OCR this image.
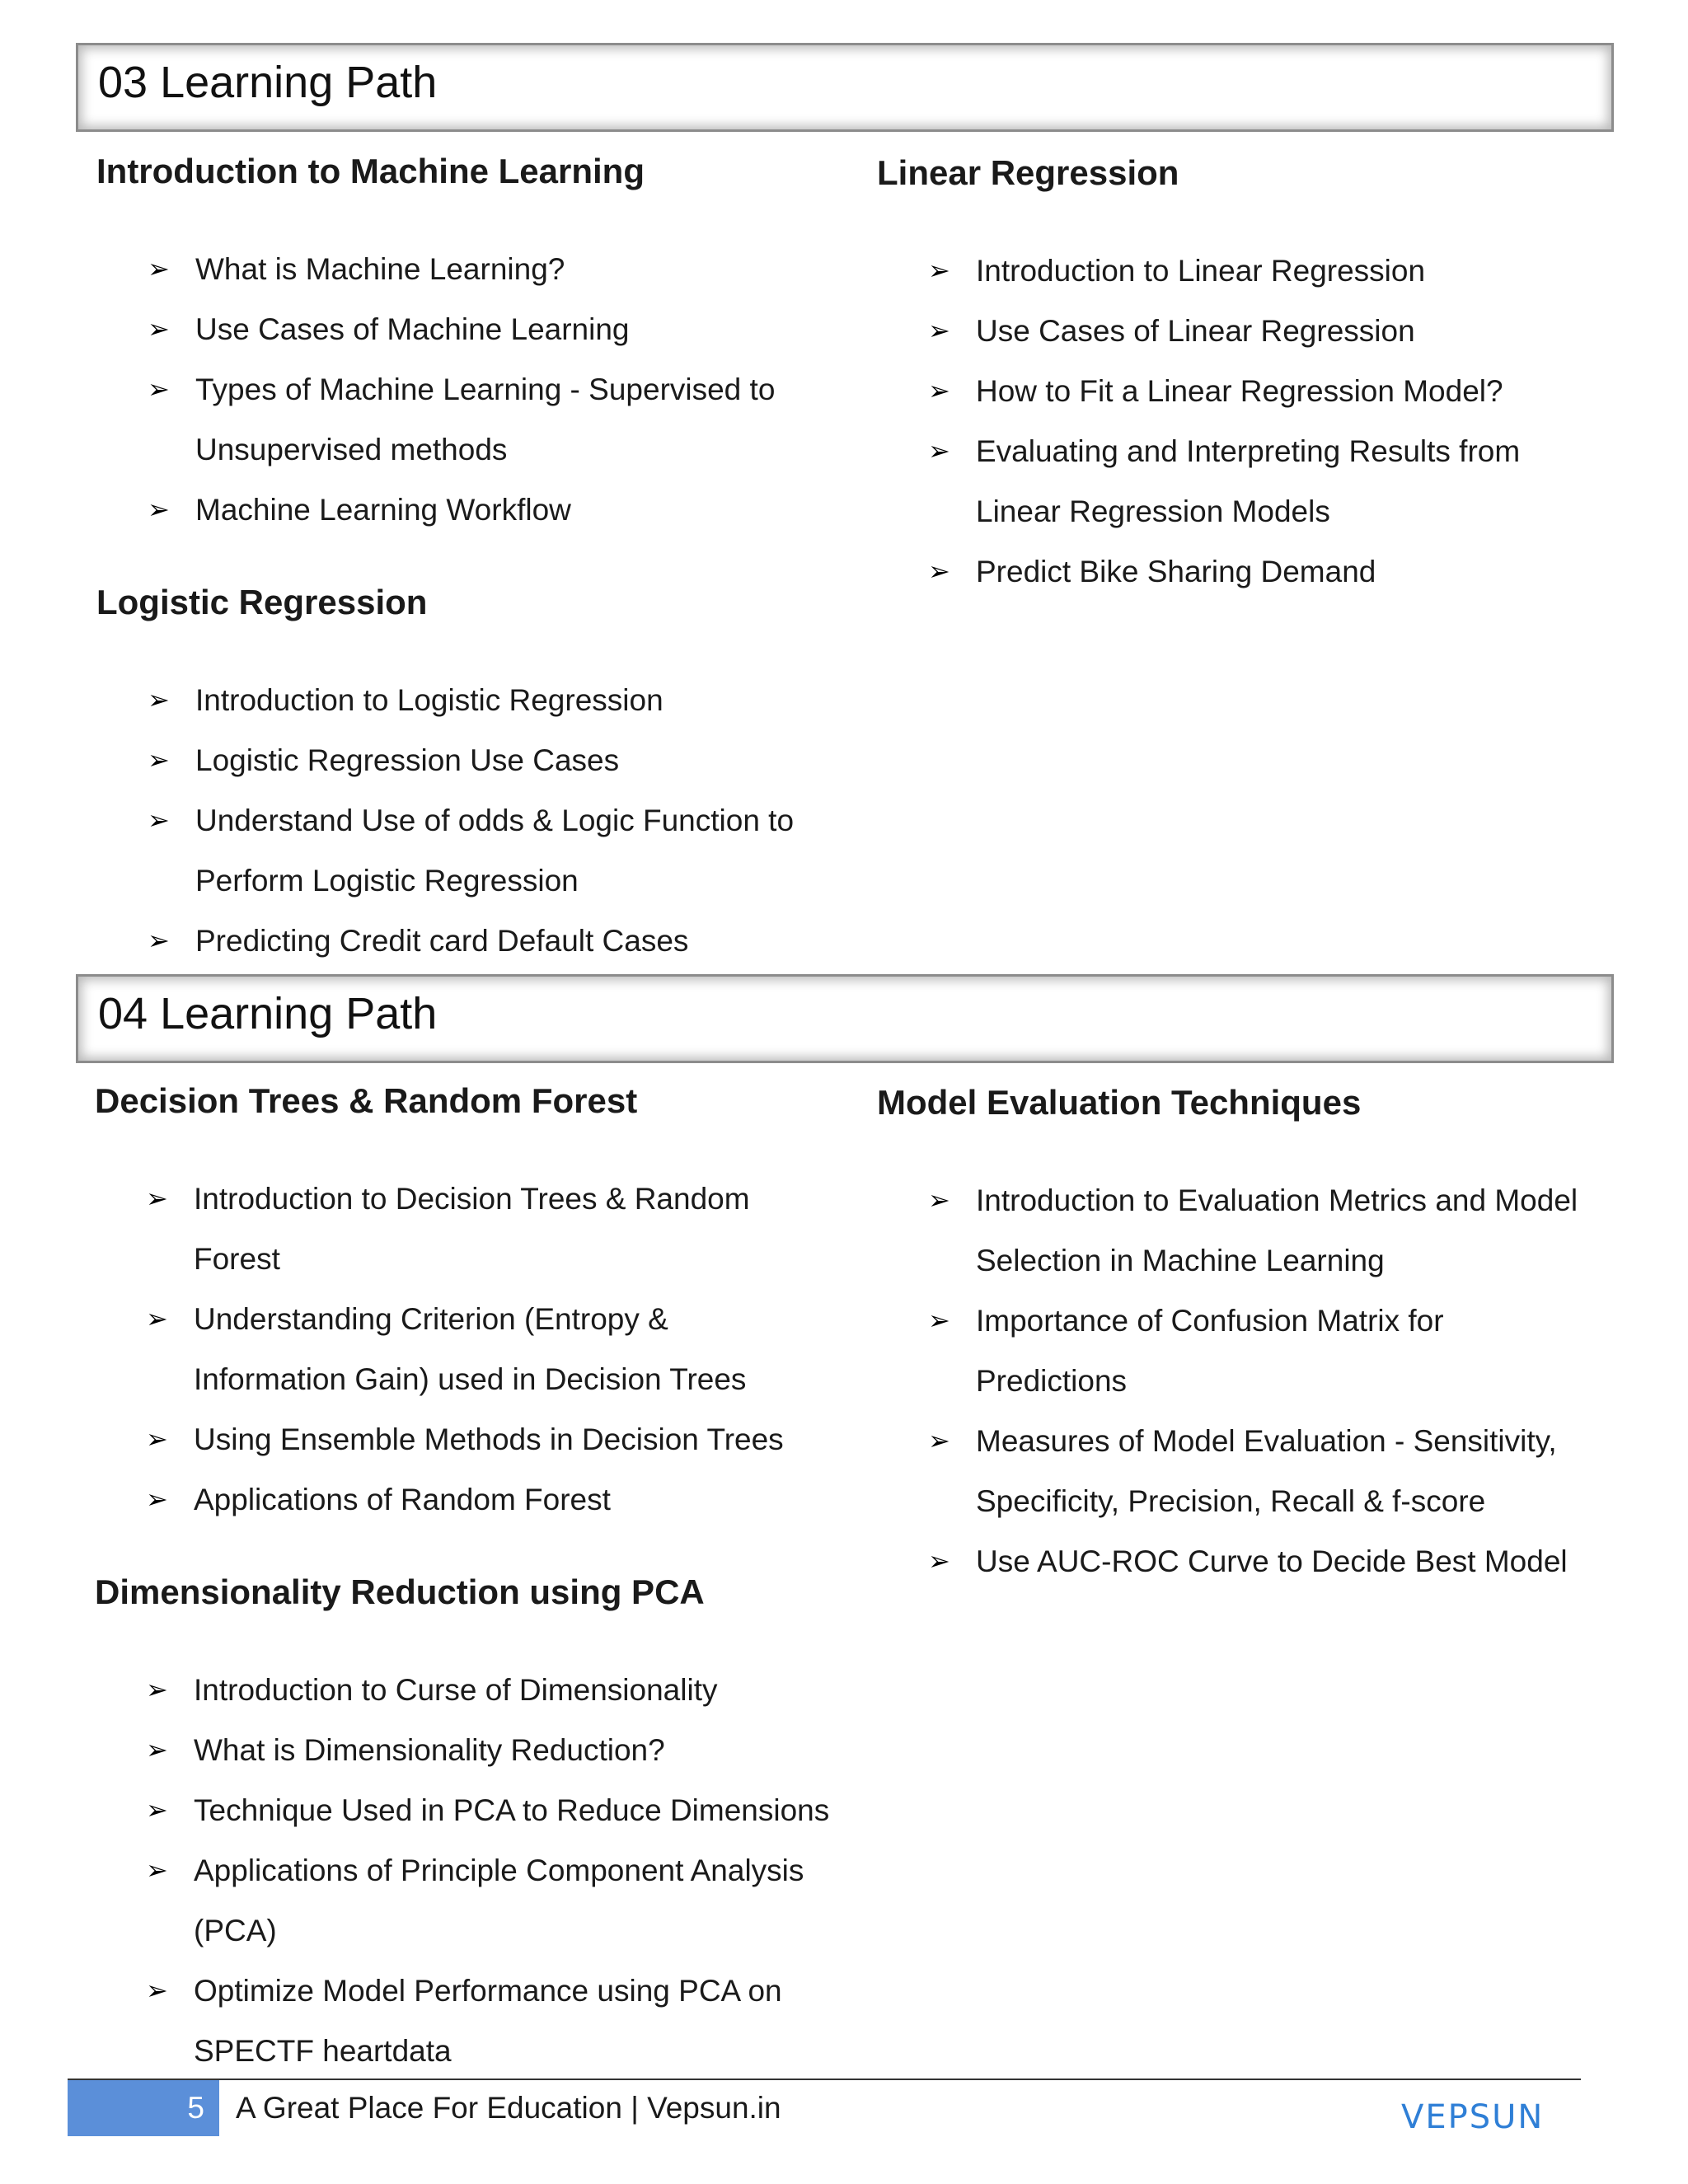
03 Learning Path
Introduction to Machine Learning
➢ What is Machine Learning?
➢ Use Cases of Machine Learning
➢ Types of Machine Learning - Supervised to
Unsupervised methods
➢ Machine Learning Workflow
Logistic Regression
➢ Introduction to Logistic Regression
➢ Logistic Regression Use Cases
➢ Understand Use of odds & Logic Function to
Perform Logistic Regression
➢ Predicting Credit card Default Cases
Linear Regression
➢ Introduction to Linear Regression
➢ Use Cases of Linear Regression
➢ How to Fit a Linear Regression Model?
➢ Evaluating and Interpreting Results from
Linear Regression Models
➢ Predict Bike Sharing Demand
04 Learning Path
Decision Trees & Random Forest
➢ Introduction to Decision Trees & Random
Forest
➢ Understanding Criterion (Entropy &
Information Gain) used in Decision Trees
➢ Using Ensemble Methods in Decision Trees
➢ Applications of Random Forest
Dimensionality Reduction using PCA
➢ Introduction to Curse of Dimensionality
➢ What is Dimensionality Reduction?
➢ Technique Used in PCA to Reduce Dimensions
➢ Applications of Principle Component Analysis
(PCA)
➢ Optimize Model Performance using PCA on
SPECTF heartdata
Model Evaluation Techniques
➢ Introduction to Evaluation Metrics and Model
Selection in Machine Learning
➢ Importance of Confusion Matrix for
Predictions
➢ Measures of Model Evaluation - Sensitivity,
Specificity, Precision, Recall & f-score
➢ Use AUC-ROC Curve to Decide Best Model
5	A Great Place For Education | Vepsun.in	VEPSUN
